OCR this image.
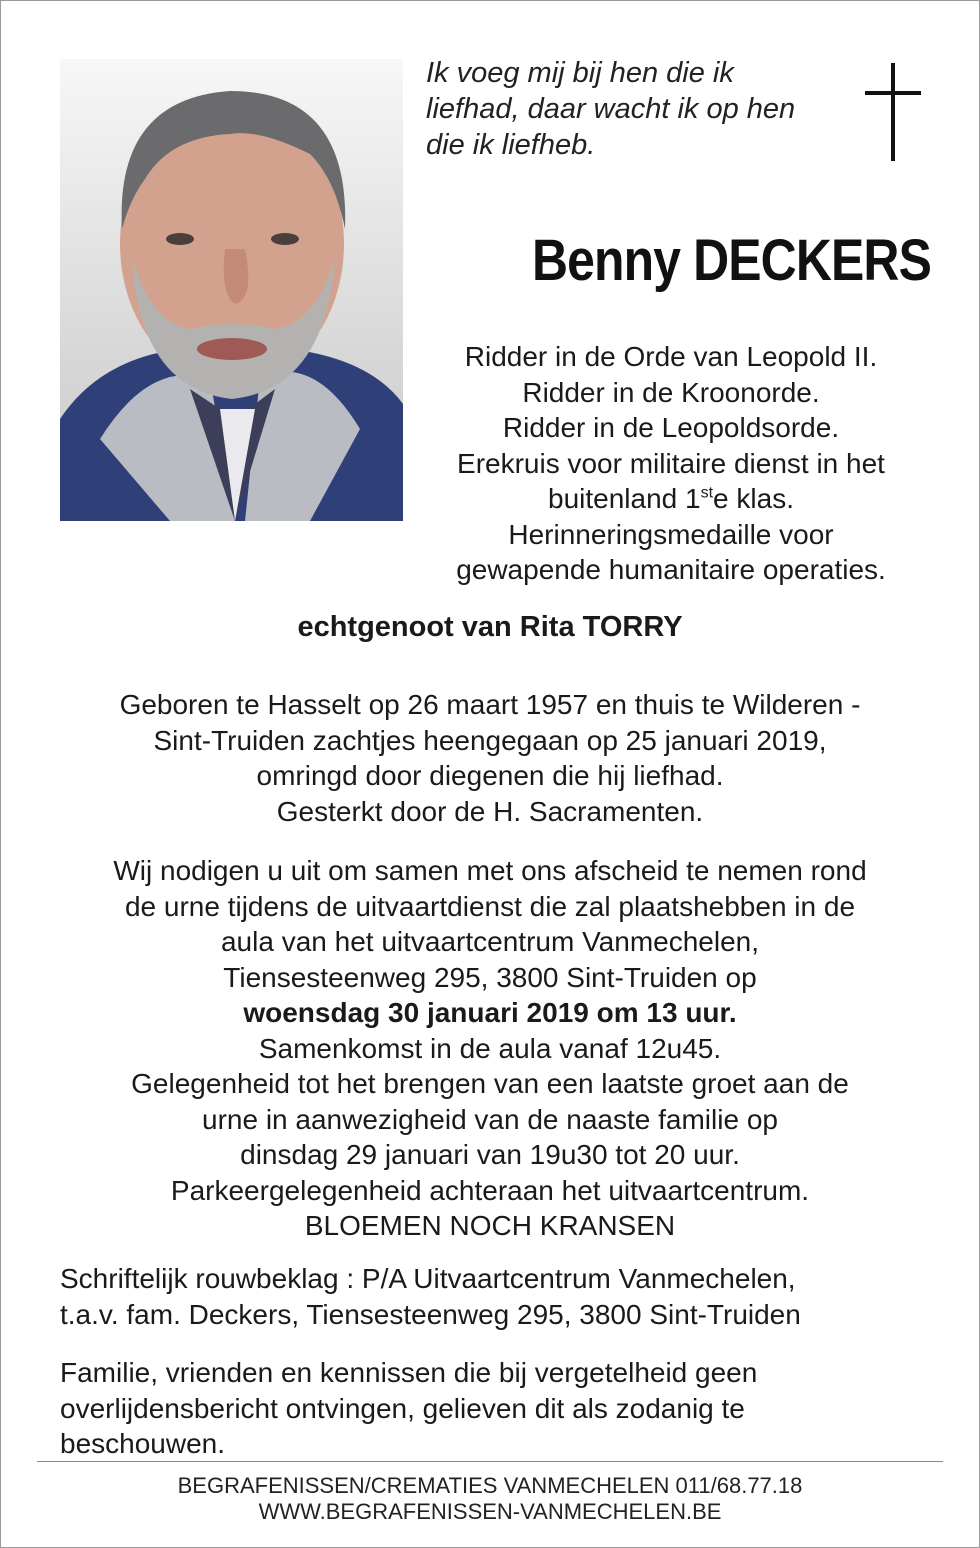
Ik voeg mij bij hen die ik
liefhad, daar wacht ik op hen
die ik liefheb.
Benny DECKERS
Ridder in de Orde van Leopold II.
Ridder in de Kroonorde.
Ridder in de Leopoldsorde.
Erekruis voor militaire dienst in het
buitenland 1ste klas.
Herinneringsmedaille voor
gewapende humanitaire operaties.
echtgenoot van Rita TORRY
Geboren te Hasselt op 26 maart 1957 en thuis te Wilderen -
Sint-Truiden zachtjes heengegaan op 25 januari 2019,
omringd door diegenen die hij liefhad.
Gesterkt door de H. Sacramenten.
Wij nodigen u uit om samen met ons afscheid te nemen rond
de urne tijdens de uitvaartdienst die zal plaatshebben in de
aula van het uitvaartcentrum Vanmechelen,
Tiensesteenweg 295, 3800 Sint-Truiden op
woensdag 30 januari 2019 om 13 uur.
Samenkomst in de aula vanaf 12u45.
Gelegenheid tot het brengen van een laatste groet aan de
urne in aanwezigheid van de naaste familie op
dinsdag 29 januari van 19u30 tot 20 uur.
Parkeergelegenheid achteraan het uitvaartcentrum.
BLOEMEN NOCH KRANSEN
Schriftelijk rouwbeklag : P/A Uitvaartcentrum Vanmechelen,
t.a.v. fam. Deckers, Tiensesteenweg 295, 3800 Sint-Truiden
Familie, vrienden en kennissen die bij vergetelheid geen
overlijdensbericht ontvingen, gelieven dit als zodanig te
beschouwen.
BEGRAFENISSEN/CREMATIES VANMECHELEN 011/68.77.18
WWW.BEGRAFENISSEN-VANMECHELEN.BE
